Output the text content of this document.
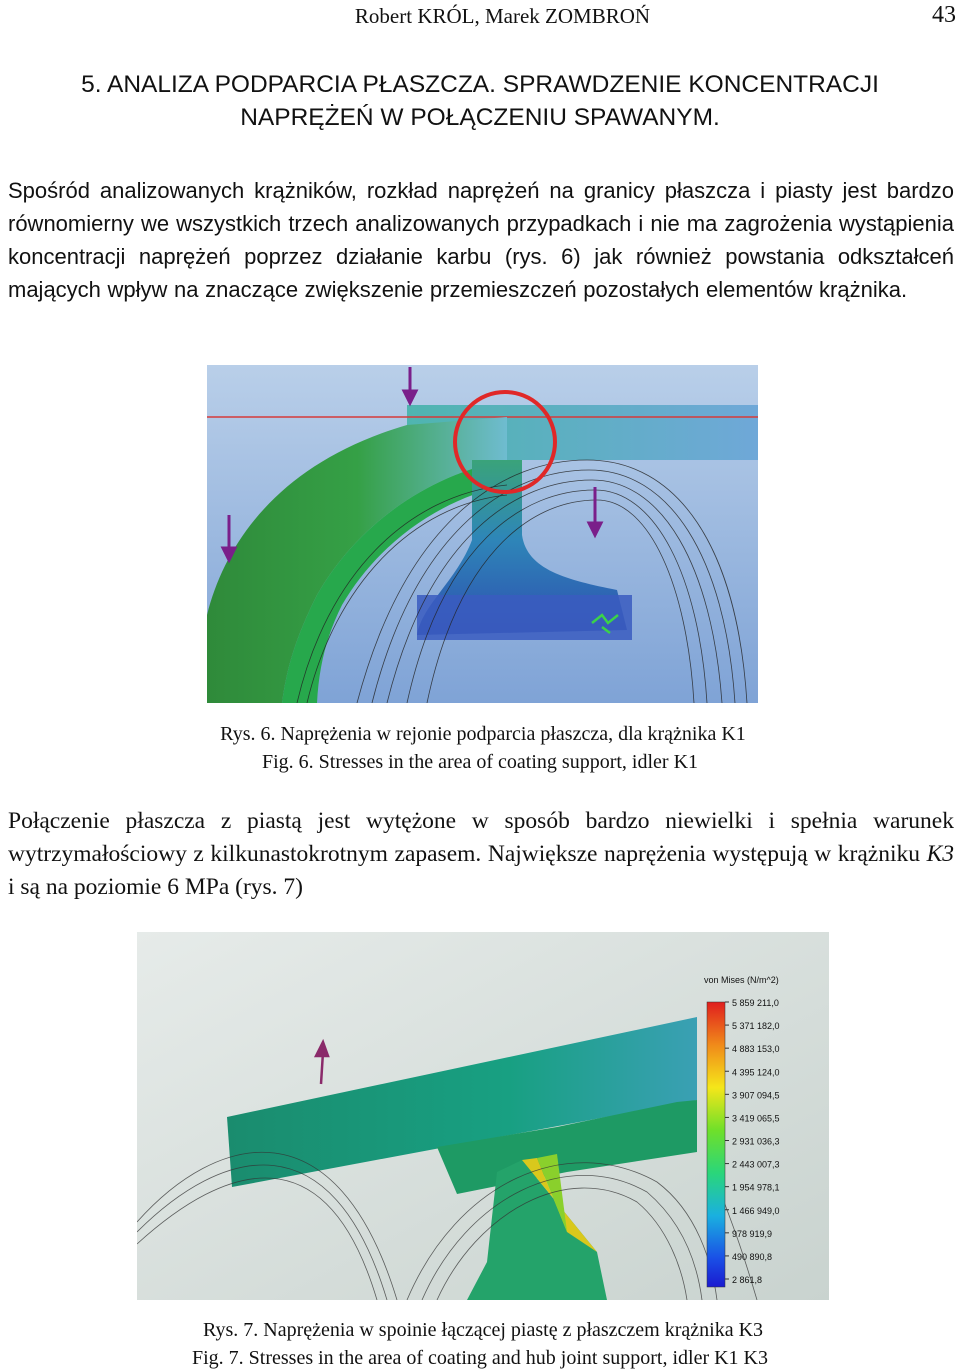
Robert KRÓL, Marek ZOMBROŃ	43
5. ANALIZA PODPARCIA PŁASZCZA. SPRAWDZENIE KONCENTRACJI
NAPRĘŻEŃ W POŁĄCZENIU SPAWANYM.
Spośród analizowanych krążników, rozkład naprężeń na granicy płaszcza i piasty jest bardzo równomierny we wszystkich trzech analizowanych przypadkach i nie ma zagrożenia wystąpienia koncentracji naprężeń poprzez działanie karbu (rys. 6) jak również powstania odkształceń mających wpływ na znaczące zwiększenie przemieszczeń pozostałych elementów krążnika.
Rys. 6. Naprężenia w rejonie podparcia płaszcza, dla krążnika K1
Fig. 6. Stresses in the area of coating support, idler K1
Połączenie płaszcza z piastą jest wytężone w sposób bardzo niewielki i spełnia warunek wytrzymałościowy z kilkunastokrotnym zapasem. Największe naprężenia występują w krążniku K3 i są na poziomie 6 MPa (rys. 7)
von Mises (N/m^2)
5 859 211,0
5 371 182,0
4 883 153,0
4 395 124,0
3 907 094,5
3 419 065,5
2 931 036,3
2 443 007,3
1 954 978,1
1 466 949,0
978 919,9
490 890,8
2 861,8
Rys. 7. Naprężenia w spoinie łączącej piastę z płaszczem krążnika K3
Fig. 7. Stresses in the area of coating and hub joint support, idler K1 K3
